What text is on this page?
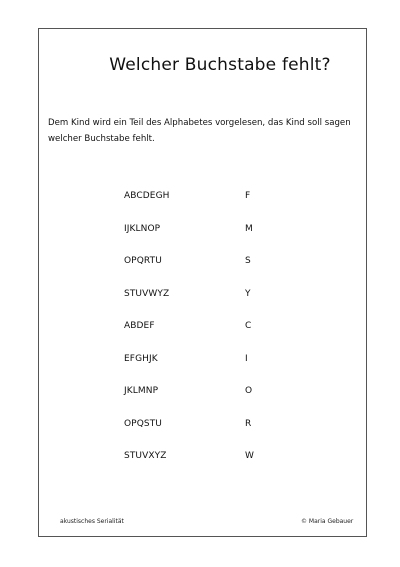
Welcher Buchstabe fehlt?

Dem Kind wird ein Teil des Alphabetes vorgelesen, das Kind soll sagen
welcher Buchstabe fehlt.

ABCDEGH	F
IJKLNOP	M
OPQRTU	S
STUVWYZ	Y
ABDEF	C
EFGHJK	I
JKLMNP	O
OPQSTU	R
STUVXYZ	W
akustisches Serialität	© Maria Gebauer
